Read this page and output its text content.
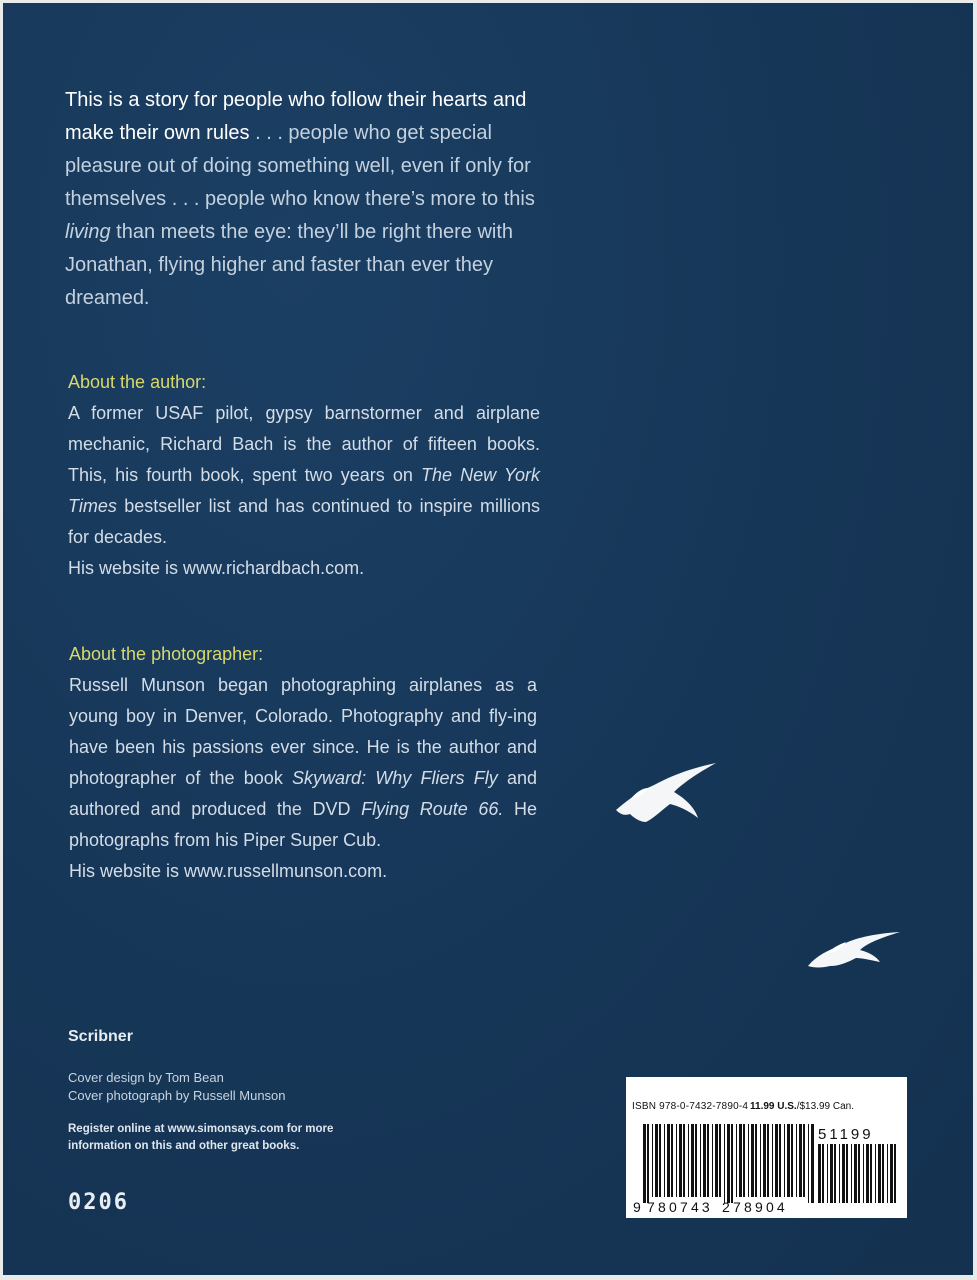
This is a story for people who follow their hearts and make their own rules . . . people who get special pleasure out of doing something well, even if only for themselves . . . people who know there’s more to this living than meets the eye: they’ll be right there with Jonathan, flying higher and faster than ever they dreamed.
About the author:
A former USAF pilot, gypsy barnstormer and airplane mechanic, Richard Bach is the author of fifteen books. This, his fourth book, spent two years on The New York Times bestseller list and has continued to inspire millions for decades.
His website is www.richardbach.com.
About the photographer:
Russell Munson began photographing airplanes as a young boy in Denver, Colorado. Photography and fly-ing have been his passions ever since. He is the author and photographer of the book Skyward: Why Fliers Fly and authored and produced the DVD Flying Route 66. He photographs from his Piper Super Cub.
His website is www.russellmunson.com.
Scribner
Cover design by Tom Bean
Cover photograph by Russell Munson
Register online at www.simonsays.com for more information on this and other great books.
0206
ISBN 978-0-7432-7890-4 11.99 U.S./$13.99 Can.
51199
9 780743 278904
